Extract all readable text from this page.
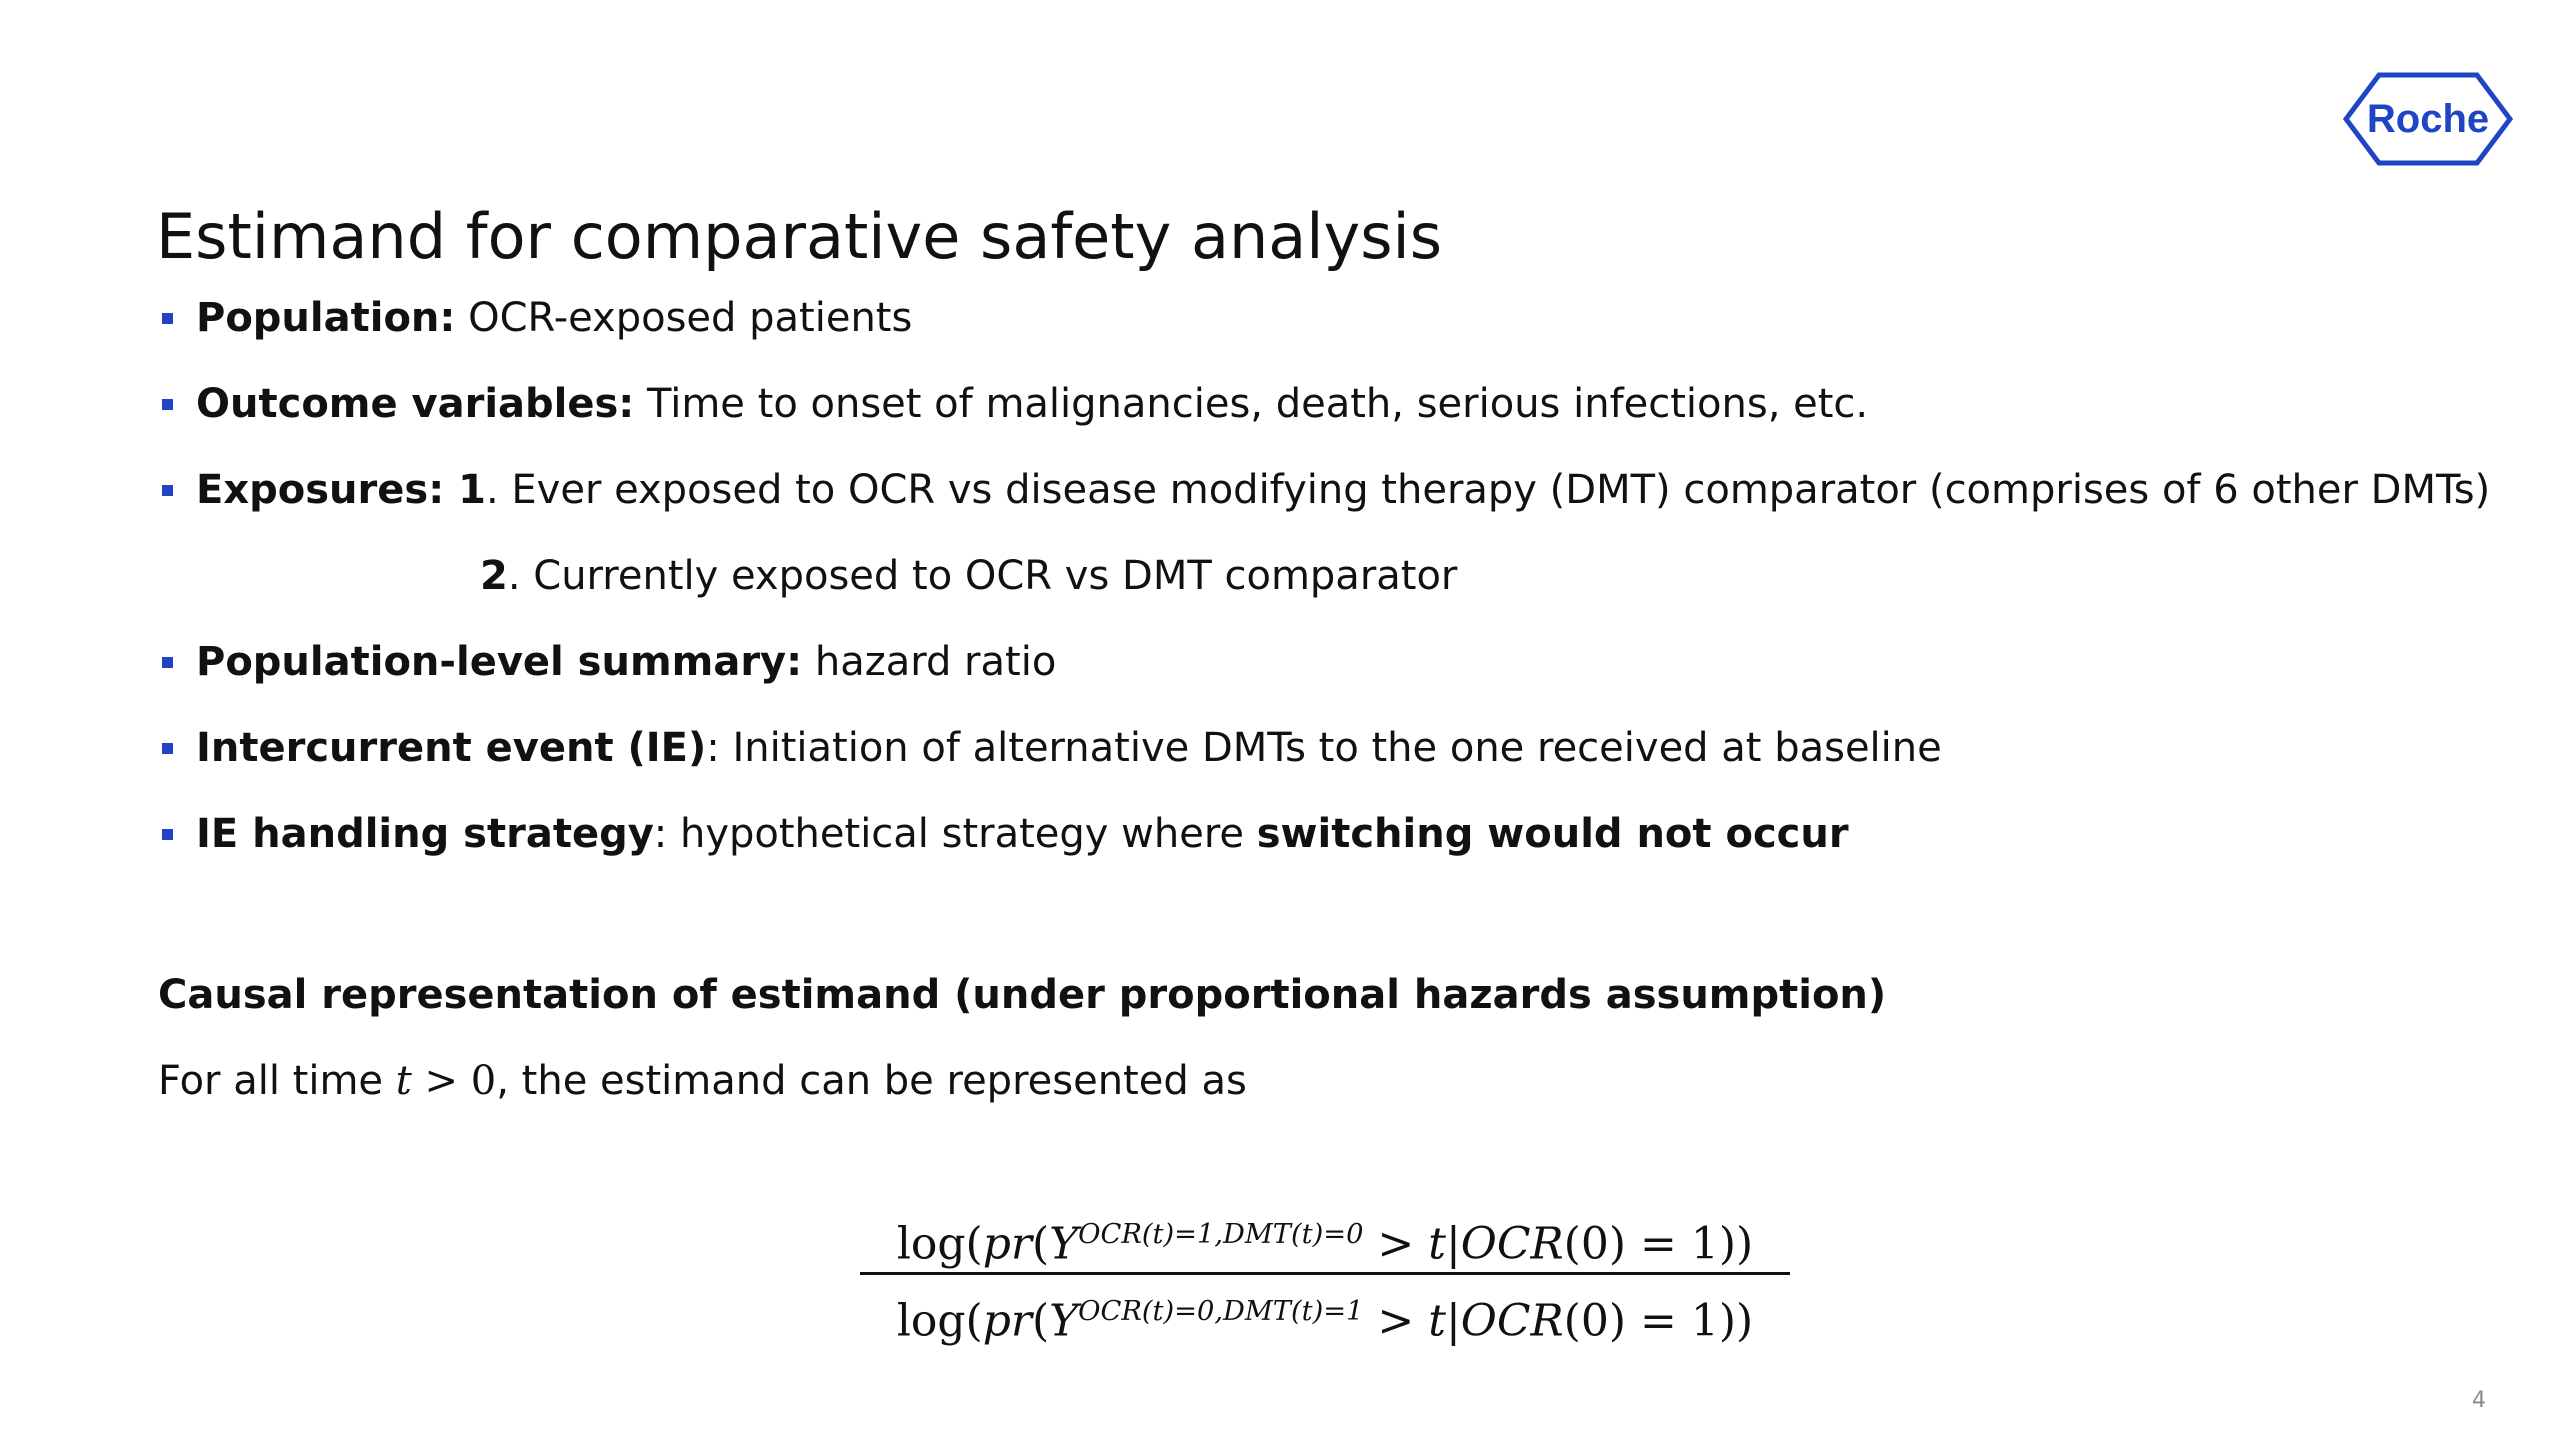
Roche
Estimand for comparative safety analysis
Population: OCR-exposed patients
Outcome variables: Time to onset of malignancies, death, serious infections, etc.
Exposures: 1. Ever exposed to OCR vs disease modifying therapy (DMT) comparator (comprises of 6 other DMTs)
2. Currently exposed to OCR vs DMT comparator
Population-level summary: hazard ratio
Intercurrent event (IE): Initiation of alternative DMTs to the one received at baseline
IE handling strategy: hypothetical strategy where switching would not occur
Causal representation of estimand (under proportional hazards assumption)
For all time t > 0, the estimand can be represented as
$\log(pr(Y^{OCR(t)=1,DMT(t)=0} > t|OCR(0) = 1))$
$\log(pr(Y^{OCR(t)=0,DMT(t)=1} > t|OCR(0) = 1))$
4
